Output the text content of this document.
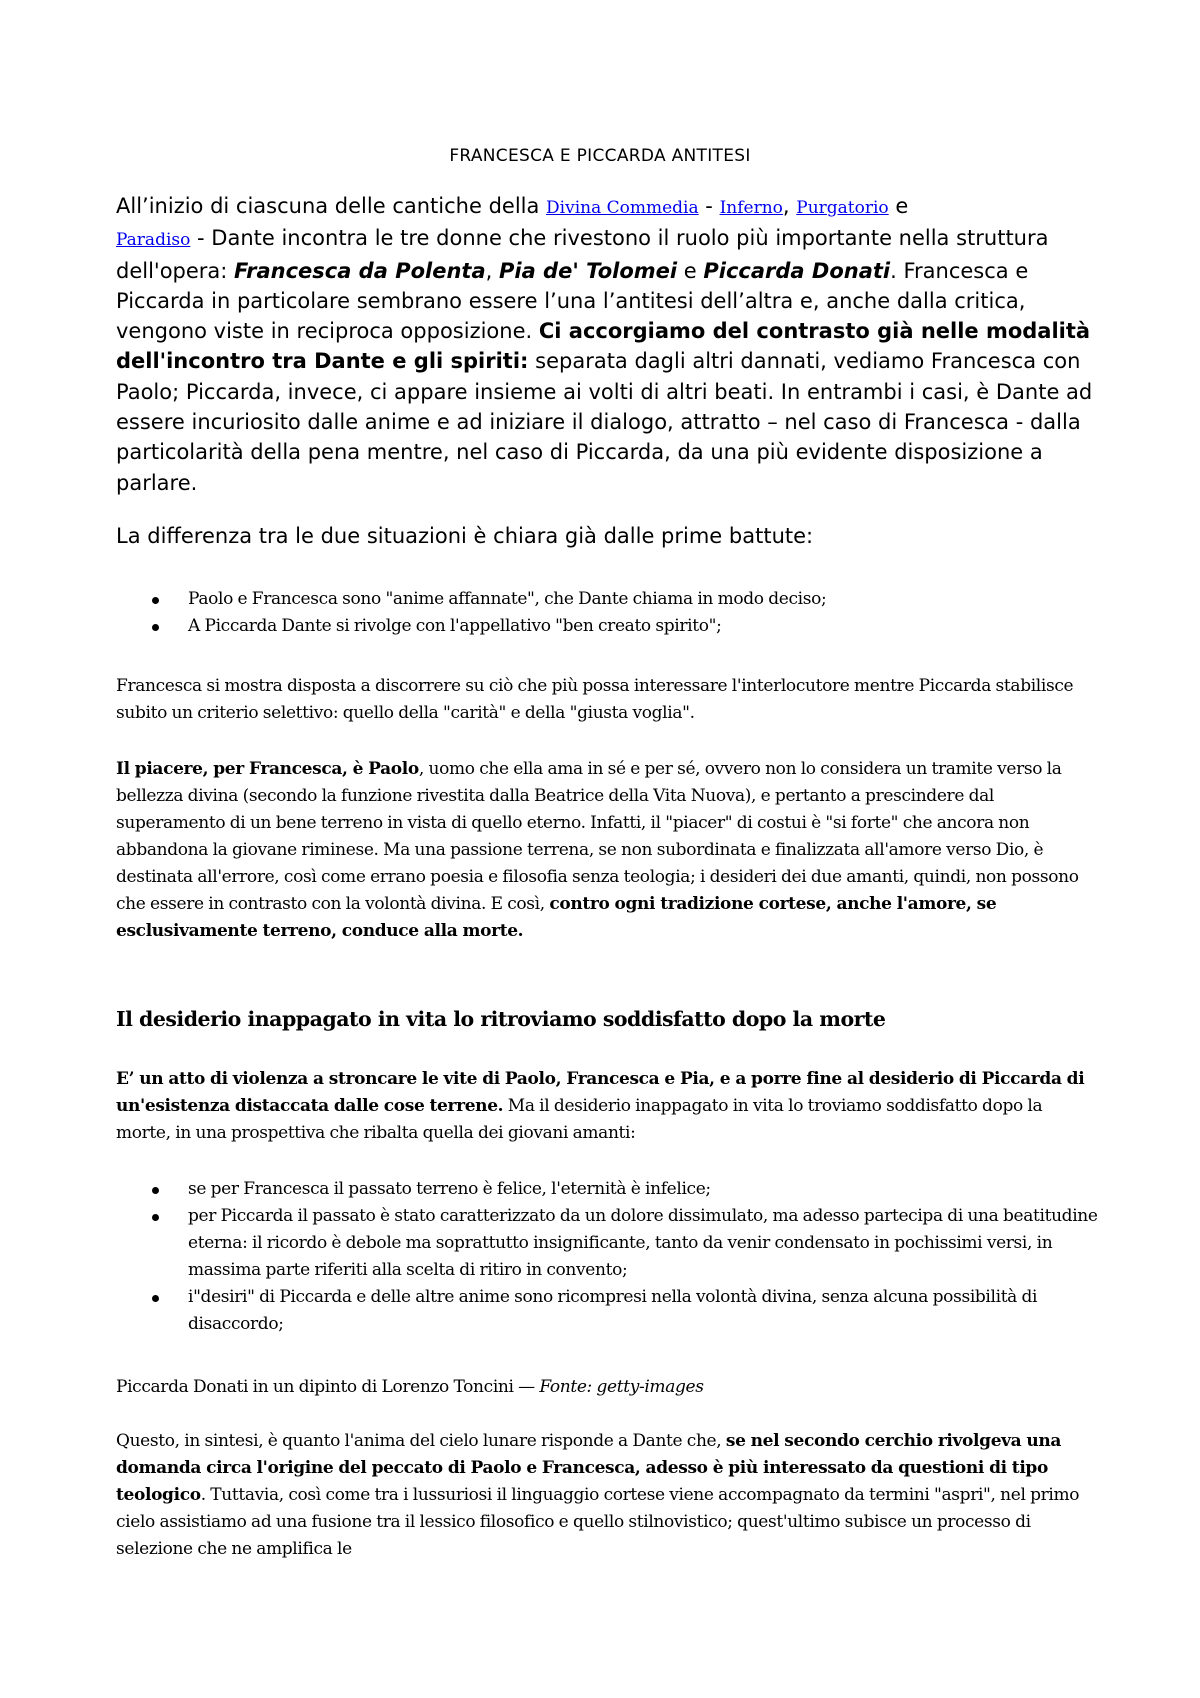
FRANCESCA E PICCARDA ANTITESI

All’inizio di ciascuna delle cantiche della Divina Commedia - Inferno, Purgatorio e
Paradiso - Dante incontra le tre donne che rivestono il ruolo più importante nella struttura dell'opera: Francesca da Polenta, Pia de' Tolomei e Piccarda Donati. Francesca e Piccarda in particolare sembrano essere l’una l’antitesi dell’altra e, anche dalla critica, vengono viste in reciproca opposizione. Ci accorgiamo del contrasto già nelle modalità dell'incontro tra Dante e gli spiriti: separata dagli altri dannati, vediamo Francesca con Paolo; Piccarda, invece, ci appare insieme ai volti di altri beati. In entrambi i casi, è Dante ad essere incuriosito dalle anime e ad iniziare il dialogo, attratto – nel caso di Francesca - dalla particolarità della pena mentre, nel caso di Piccarda, da una più evidente disposizione a parlare.

La differenza tra le due situazioni è chiara già dalle prime battute:

Paolo e Francesca sono "anime affannate", che Dante chiama in modo deciso;
A Piccarda Dante si rivolge con l'appellativo "ben creato spirito";

Francesca si mostra disposta a discorrere su ciò che più possa interessare l'interlocutore mentre Piccarda stabilisce subito un criterio selettivo: quello della "carità" e della "giusta voglia".

Il piacere, per Francesca, è Paolo, uomo che ella ama in sé e per sé, ovvero non lo considera un tramite verso la bellezza divina (secondo la funzione rivestita dalla Beatrice della Vita Nuova), e pertanto a prescindere dal superamento di un bene terreno in vista di quello eterno. Infatti, il "piacer" di costui è "si forte" che ancora non abbandona la giovane riminese. Ma una passione terrena, se non subordinata e finalizzata all'amore verso Dio, è destinata all'errore, così come errano poesia e filosofia senza teologia; i desideri dei due amanti, quindi, non possono che essere in contrasto con la volontà divina. E così, contro ogni tradizione cortese, anche l'amore, se esclusivamente terreno, conduce alla morte.

Il desiderio inappagato in vita lo ritroviamo soddisfatto dopo la morte

E’ un atto di violenza a stroncare le vite di Paolo, Francesca e Pia, e a porre fine al desiderio di Piccarda di un'esistenza distaccata dalle cose terrene. Ma il desiderio inappagato in vita lo troviamo soddisfatto dopo la morte, in una prospettiva che ribalta quella dei giovani amanti:

se per Francesca il passato terreno è felice, l'eternità è infelice;
per Piccarda il passato è stato caratterizzato da un dolore dissimulato, ma adesso partecipa di una beatitudine eterna: il ricordo è debole ma soprattutto insignificante, tanto da venir condensato in pochissimi versi, in massima parte riferiti alla scelta di ritiro in convento;
i"desiri" di Piccarda e delle altre anime sono ricompresi nella volontà divina, senza alcuna possibilità di disaccordo;

Piccarda Donati in un dipinto di Lorenzo Toncini — Fonte: getty-images

Questo, in sintesi, è quanto l'anima del cielo lunare risponde a Dante che, se nel secondo cerchio rivolgeva una domanda circa l'origine del peccato di Paolo e Francesca, adesso è più interessato da questioni di tipo teologico. Tuttavia, così come tra i lussuriosi il linguaggio cortese viene accompagnato da termini "aspri", nel primo cielo assistiamo ad una fusione tra il lessico filosofico e quello stilnovistico; quest'ultimo subisce un processo di selezione che ne amplifica le
